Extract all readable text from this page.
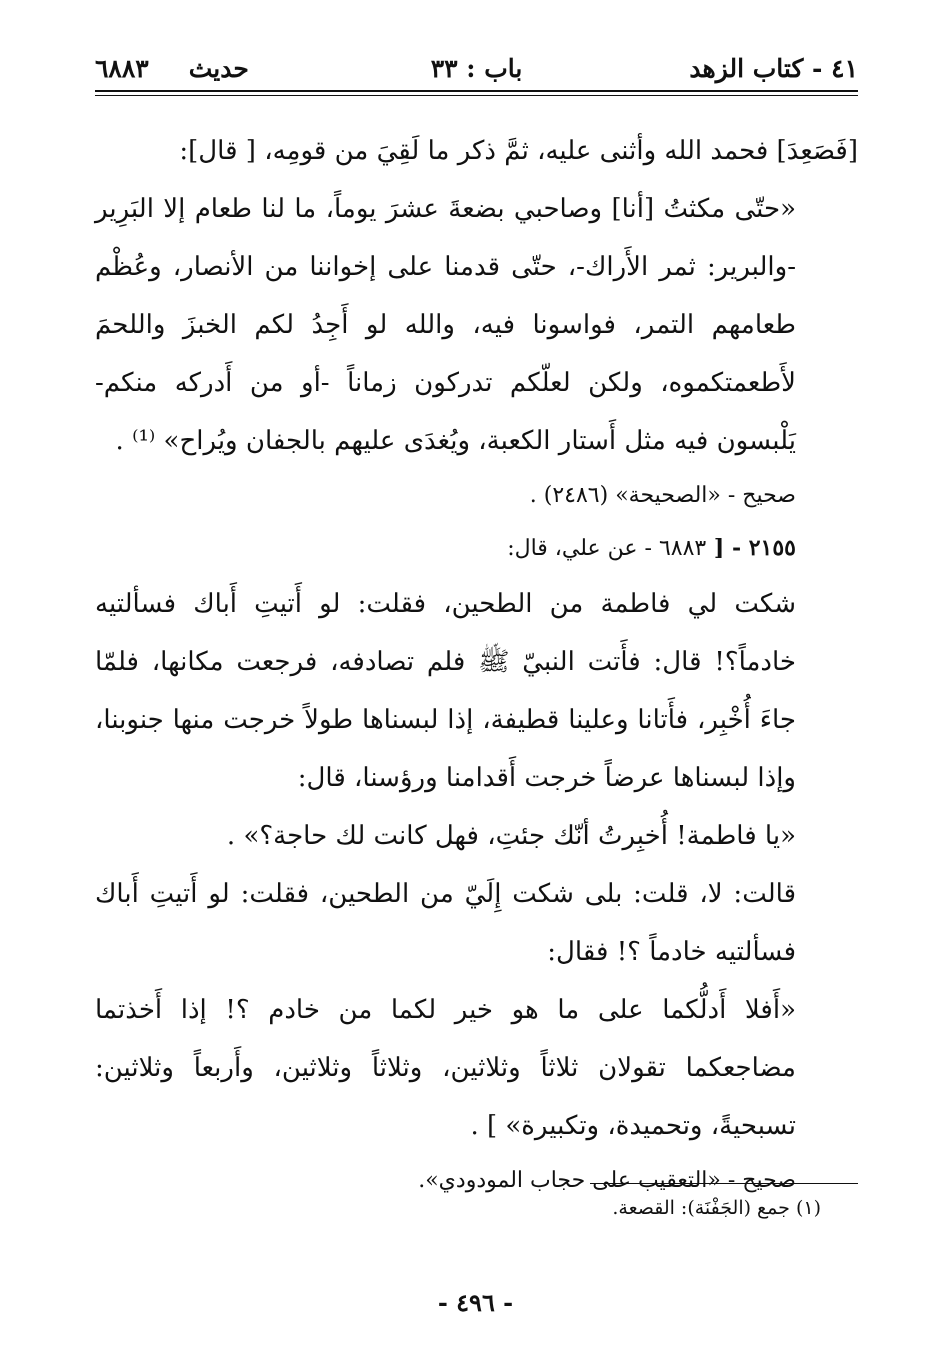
٤١ - كتاب الزهد
باب : ٣٣
حديث٦٨٨٣

[فَصَعِدَ] فحمد الله وأثنى عليه، ثمَّ ذكر ما لَقِيَ من قومِه، [ قال]:

«حتّى مكثتُ [أنا] وصاحبي بضعةَ عشرَ يوماً، ما لنا طعام إلا البَرِير -والبرير: ثمر الأَراك-، حتّى قدمنا على إخواننا من الأنصار، وعُظْم طعامهم التمر، فواسونا فيه، والله لو أَجِدُ لكم الخبزَ واللحمَ لأَطعمتكموه، ولكن لعلّكم تدركون زماناً -أو من أَدركه منكم- يَلْبسون فيه مثل أَستار الكعبة، ويُغدَى عليهم بالجفان ويُراح» ⁽¹⁾ .

صحيح - «الصحيحة» (٢٤٨٦) .

٢١٥٥ - [ ٦٨٨٣ - عن علي، قال:

شكت لي فاطمة من الطحين، فقلت: لو أَتيتِ أَباك فسألتيه خادماً؟! قال: فأَتت النبيّ ﷺ فلم تصادفه، فرجعت مكانها، فلمّا جاءَ أُخْبِر، فأَتانا وعلينا قطيفة، إذا لبسناها طولاً خرجت منها جنوبنا، وإذا لبسناها عرضاً خرجت أَقدامنا ورؤسنا، قال:

«يا فاطمة! أُخبِرتُ أنّك جئتِ، فهل كانت لك حاجة؟» .

قالت: لا، قلت: بلى شكت إِلَيّ من الطحين، فقلت: لو أَتيتِ أَباك فسألتيه خادماً ؟! فقال:

«أَفلا أَدلُّكما على ما هو خير لكما من خادم ؟! إذا أَخذتما مضاجعكما تقولان ثلاثاً وثلاثين، وثلاثاً وثلاثين، وأَربعاً وثلاثين: تسبحيةً، وتحميدة، وتكبيرة» ] .

صحيح - «التعقيب على حجاب المودودي».

(١) جمع (الجَفْنَة): القصعة.
- ٤٩٦ -
